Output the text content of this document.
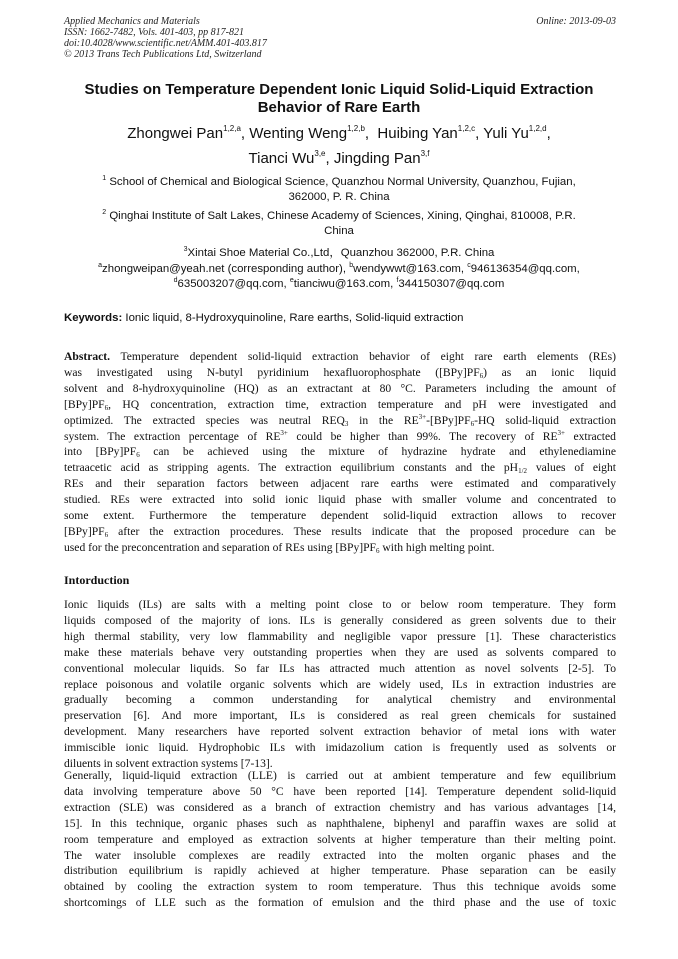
Applied Mechanics and Materials
ISSN: 1662-7482, Vols. 401-403, pp 817-821
doi:10.4028/www.scientific.net/AMM.401-403.817
© 2013 Trans Tech Publications Ltd, Switzerland
Online: 2013-09-03
Studies on Temperature Dependent Ionic Liquid Solid-Liquid Extraction
Behavior of Rare Earth
Zhongwei Pan$^{1,2,a}$, Wenting Weng$^{1,2,b}$,  Huibing Yan$^{1,2,c}$, Yuli Yu$^{1,2,d}$,
Tianci Wu$^{3,e}$, Jingding Pan$^{3,f}$
$^1$ School of Chemical and Biological Science, Quanzhou Normal University, Quanzhou, Fujian,
362000, P. R. China
$^2$ Qinghai Institute of Salt Lakes, Chinese Academy of Sciences, Xining, Qinghai, 810008, P.R.
China
$^3$Xintai Shoe Material Co.,Ltd，Quanzhou 362000, P.R. China
$^a$zhongweipan@yeah.net (corresponding author), $^b$wendywwt@163.com, $^c$946136354@qq.com,
$^d$635003207@qq.com, $^e$tianciwu@163.com, $^f$344150307@qq.com
Keywords: Ionic liquid, 8-Hydroxyquinoline, Rare earths, Solid-liquid extraction
Abstract. Temperature dependent solid-liquid extraction behavior of eight rare earth elements (REs)
was investigated using N-butyl pyridinium hexafluorophosphate $([BPy]PF_6)$ as an ionic liquid
solvent and 8-hydroxyquinoline (HQ) as an extractant at 80 °C. Parameters including the amount of
$[BPy]PF_6$, HQ concentration, extraction time, extraction temperature and pH were investigated and
optimized. The extracted species was neutral $REQ_3$ in the $RE^{3+}-[BPy]PF_6-HQ$ solid-liquid extraction
system. The extraction percentage of $RE^{3+}$ could be higher than 99%. The recovery of $RE^{3+}$ extracted
into $[BPy]PF_6$ can be achieved using the mixture of hydrazine hydrate and ethylenediamine
tetraacetic acid as stripping agents. The extraction equilibrium constants and the $pH_{1/2}$ values of eight
REs and their separation factors between adjacent rare earths were estimated and comparatively
studied. REs were extracted into solid ionic liquid phase with smaller volume and concentrated to
some extent. Furthermore the temperature dependent solid-liquid extraction allows to recover
$[BPy]PF_6$ after the extraction procedures. These results indicate that the proposed procedure can be
used for the preconcentration and separation of REs using $[BPy]PF_6$ with high melting point.
Intorduction
Ionic liquids (ILs) are salts with a melting point close to or below room temperature. They form
liquids composed of the majority of ions. ILs is generally considered as green solvents due to their
high thermal stability, very low flammability and negligible vapor pressure [1]. These characteristics
make these materials behave very outstanding properties when they are used as solvents compared to
conventional molecular liquids. So far ILs has attracted much attention as novel solvents [2-5]. To
replace poisonous and volatile organic solvents which are widely used, ILs in extraction industries are
gradually becoming a common understanding for analytical chemistry and environmental
preservation [6]. And more important, ILs is considered as real green chemicals for sustained
development. Many researchers have reported solvent extraction behavior of metal ions with water
immiscible ionic liquid. Hydrophobic ILs with imidazolium cation is frequently used as solvents or
diluents in solvent extraction systems [7-13].
Generally, liquid-liquid extraction (LLE) is carried out at ambient temperature and few equilibrium
data involving temperature above 50 °C have been reported [14]. Temperature dependent solid-liquid
extraction (SLE) was considered as a branch of extraction chemistry and has various advantages [14,
15]. In this technique, organic phases such as naphthalene, biphenyl and paraffin waxes are solid at
room temperature and employed as extraction solvents at higher temperature than their melting point.
The water insoluble complexes are readily extracted into the molten organic phases and the
distribution equilibrium is rapidly achieved at higher temperature. Phase separation can be easily
obtained by cooling the extraction system to room temperature. Thus this technique avoids some
shortcomings of LLE such as the formation of emulsion and the third phase and the use of toxic
